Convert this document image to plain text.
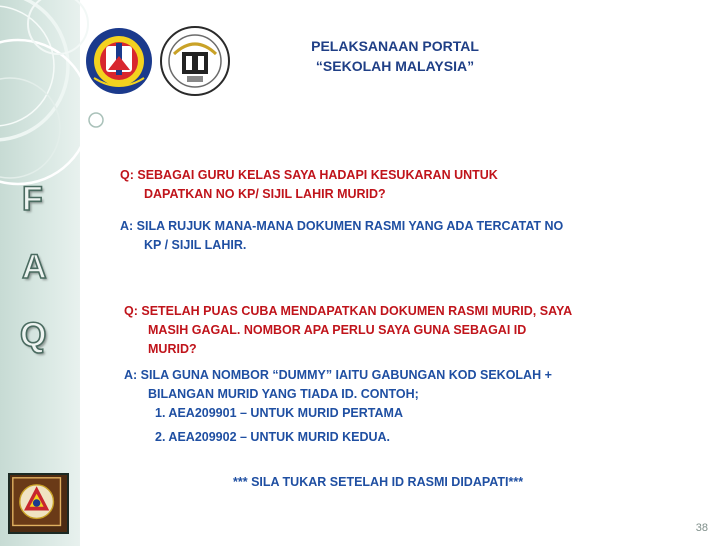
PELAKSANAAN PORTAL
“SEKOLAH MALAYSIA”
F
A
Q
Q: SEBAGAI GURU KELAS SAYA HADAPI KESUKARAN UNTUK
DAPATKAN NO KP/ SIJIL LAHIR MURID?
A: SILA RUJUK MANA-MANA DOKUMEN RASMI YANG ADA TERCATAT NO
KP / SIJIL LAHIR.
Q: SETELAH PUAS CUBA MENDAPATKAN DOKUMEN RASMI MURID, SAYA
MASIH GAGAL. NOMBOR APA PERLU SAYA GUNA SEBAGAI ID
MURID?
A: SILA GUNA NOMBOR “DUMMY” IAITU GABUNGAN KOD SEKOLAH +
BILANGAN MURID YANG TIADA ID. CONTOH;
1. AEA209901 – UNTUK MURID PERTAMA
2. AEA209902 – UNTUK MURID KEDUA.
*** SILA TUKAR SETELAH ID RASMI DIDAPATI***
38
